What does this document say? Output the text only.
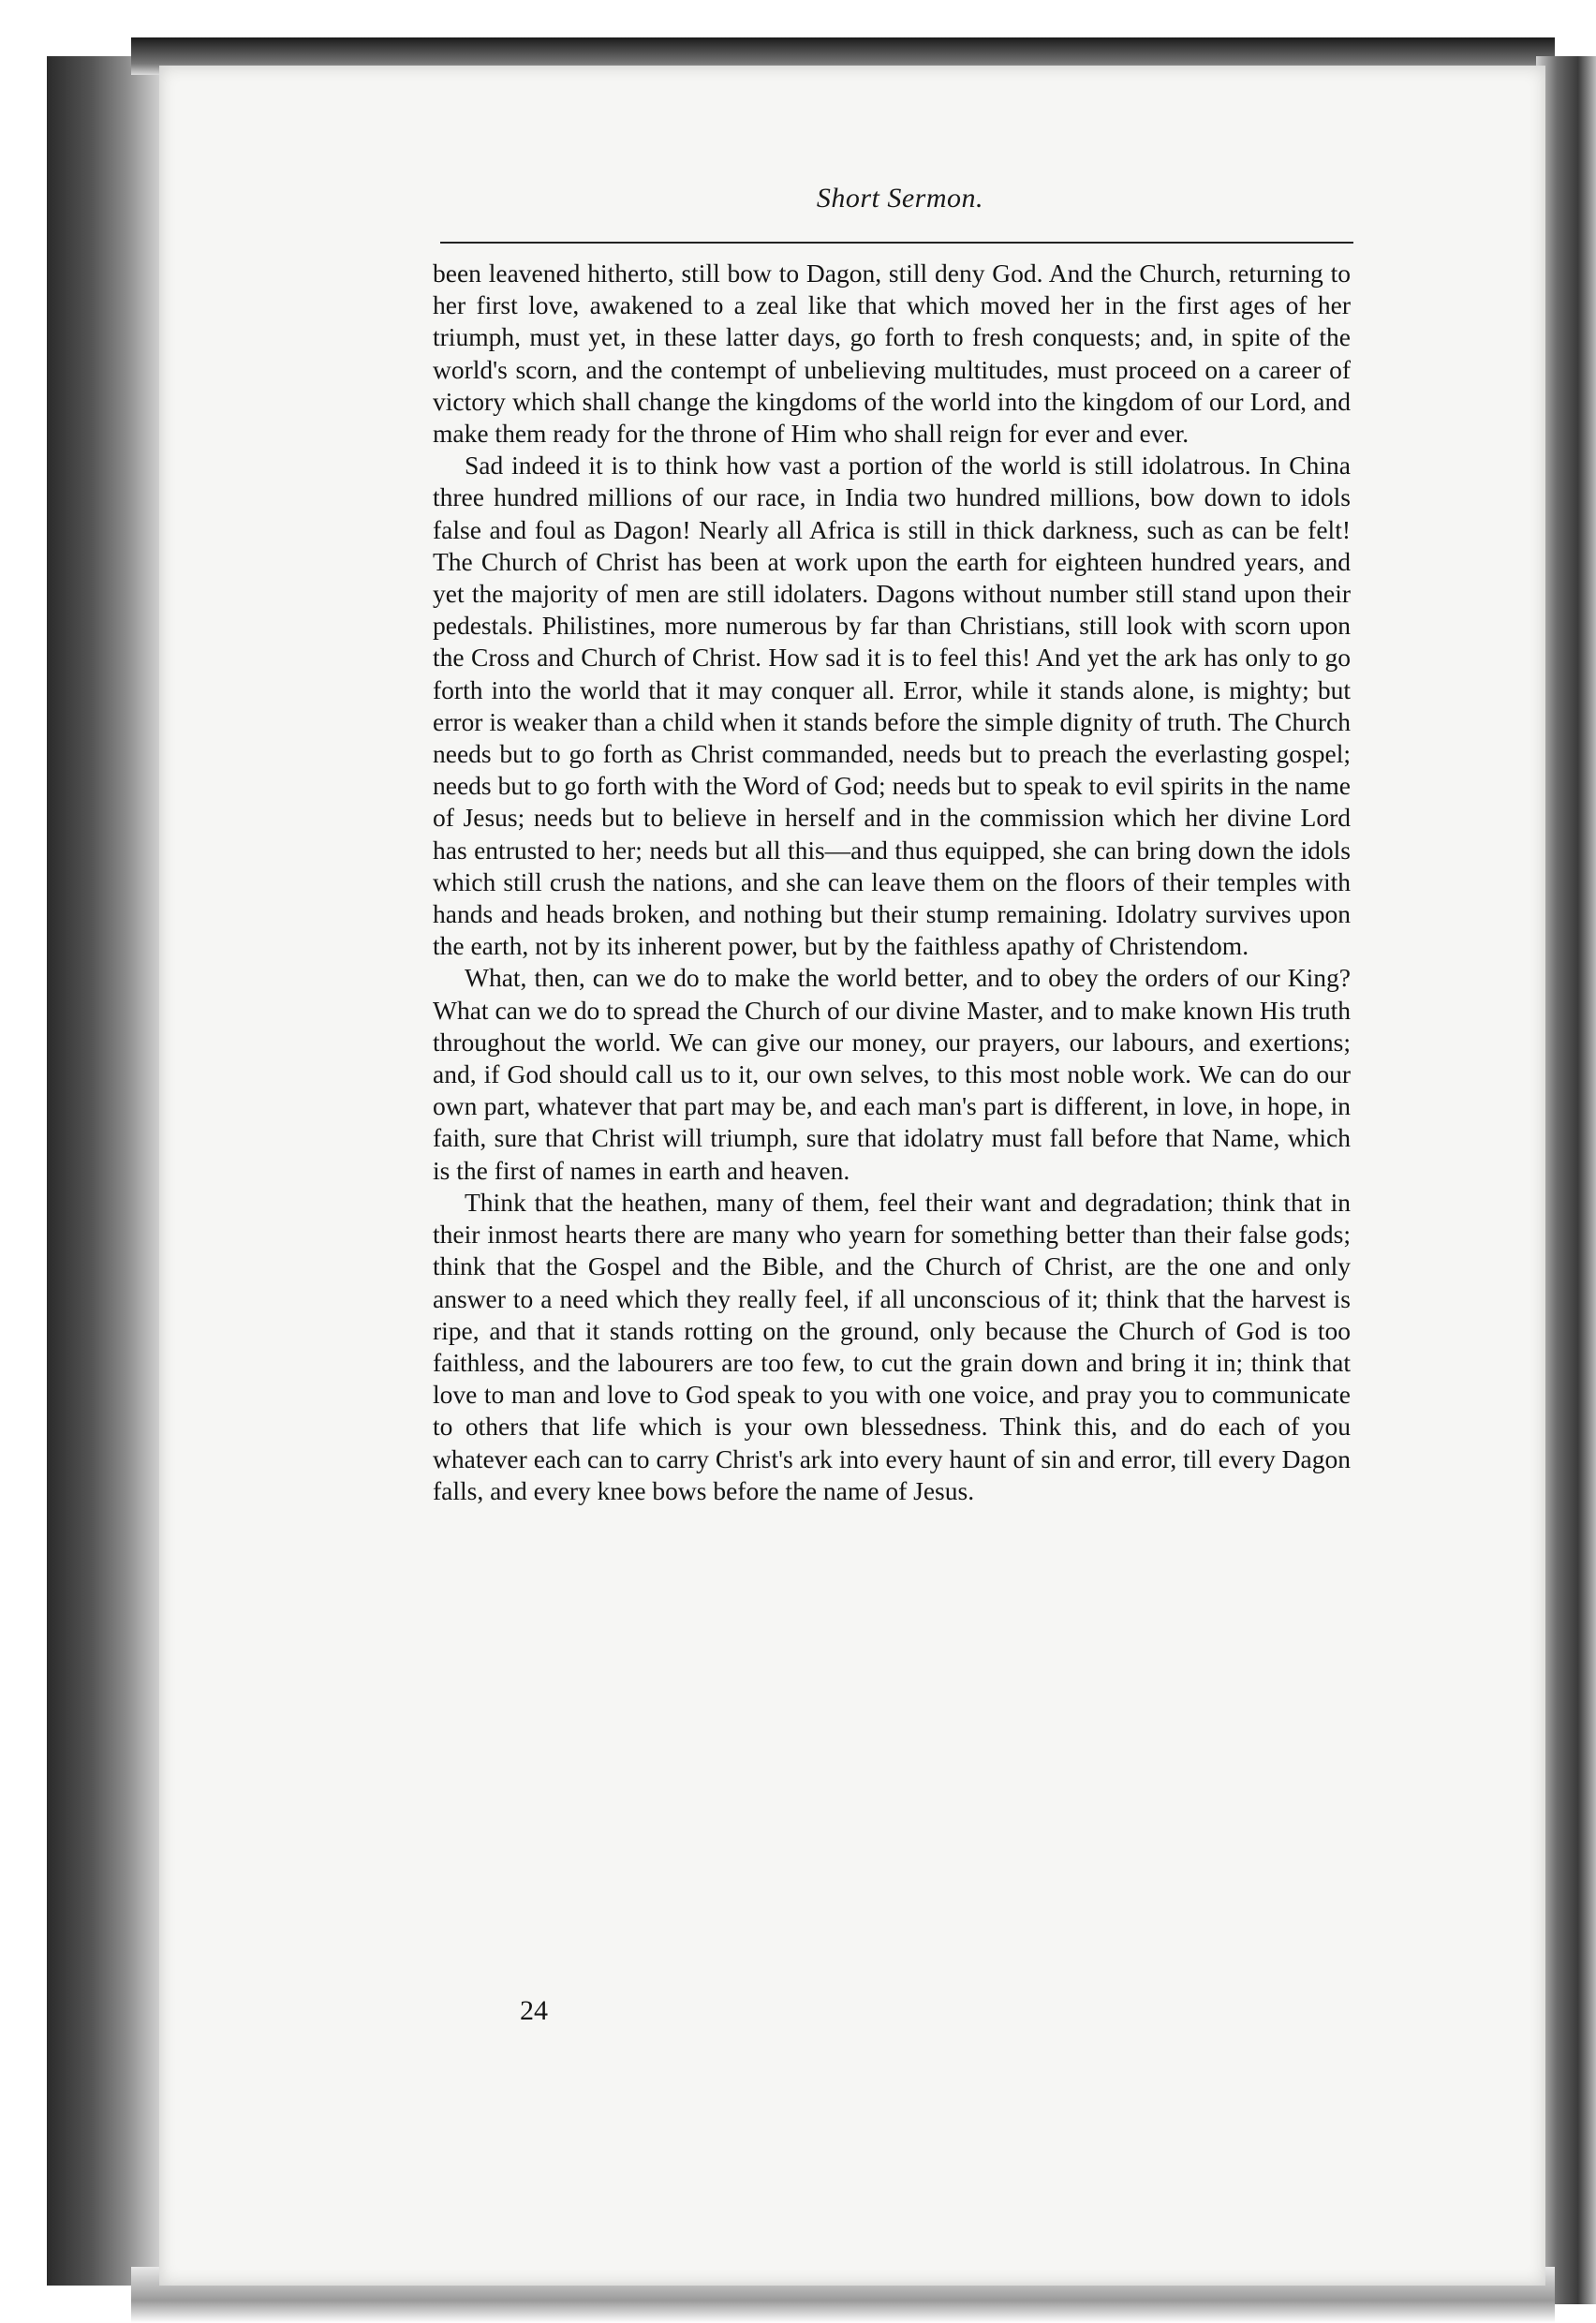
Short Sermon.

been leavened hitherto, still bow to Dagon, still deny God. And the Church, returning to her first love, awakened to a zeal like that which moved her in the first ages of her triumph, must yet, in these latter days, go forth to fresh conquests; and, in spite of the world's scorn, and the contempt of unbelieving multitudes, must proceed on a career of victory which shall change the kingdoms of the world into the kingdom of our Lord, and make them ready for the throne of Him who shall reign for ever and ever.

Sad indeed it is to think how vast a portion of the world is still idolatrous. In China three hundred millions of our race, in India two hundred millions, bow down to idols false and foul as Dagon! Nearly all Africa is still in thick darkness, such as can be felt! The Church of Christ has been at work upon the earth for eighteen hundred years, and yet the majority of men are still idolaters. Dagons without number still stand upon their pedestals. Philistines, more numerous by far than Christians, still look with scorn upon the Cross and Church of Christ. How sad it is to feel this! And yet the ark has only to go forth into the world that it may conquer all. Error, while it stands alone, is mighty; but error is weaker than a child when it stands before the simple dignity of truth. The Church needs but to go forth as Christ commanded, needs but to preach the everlasting gospel; needs but to go forth with the Word of God; needs but to speak to evil spirits in the name of Jesus; needs but to believe in herself and in the commission which her divine Lord has entrusted to her; needs but all this—and thus equipped, she can bring down the idols which still crush the nations, and she can leave them on the floors of their temples with hands and heads broken, and nothing but their stump remaining. Idolatry survives upon the earth, not by its inherent power, but by the faithless apathy of Christendom.

What, then, can we do to make the world better, and to obey the orders of our King? What can we do to spread the Church of our divine Master, and to make known His truth throughout the world. We can give our money, our prayers, our labours, and exertions; and, if God should call us to it, our own selves, to this most noble work. We can do our own part, whatever that part may be, and each man's part is different, in love, in hope, in faith, sure that Christ will triumph, sure that idolatry must fall before that Name, which is the first of names in earth and heaven.

Think that the heathen, many of them, feel their want and degradation; think that in their inmost hearts there are many who yearn for something better than their false gods; think that the Gospel and the Bible, and the Church of Christ, are the one and only answer to a need which they really feel, if all unconscious of it; think that the harvest is ripe, and that it stands rotting on the ground, only because the Church of God is too faithless, and the labourers are too few, to cut the grain down and bring it in; think that love to man and love to God speak to you with one voice, and pray you to communicate to others that life which is your own blessedness. Think this, and do each of you whatever each can to carry Christ's ark into every haunt of sin and error, till every Dagon falls, and every knee bows before the name of Jesus.

24
